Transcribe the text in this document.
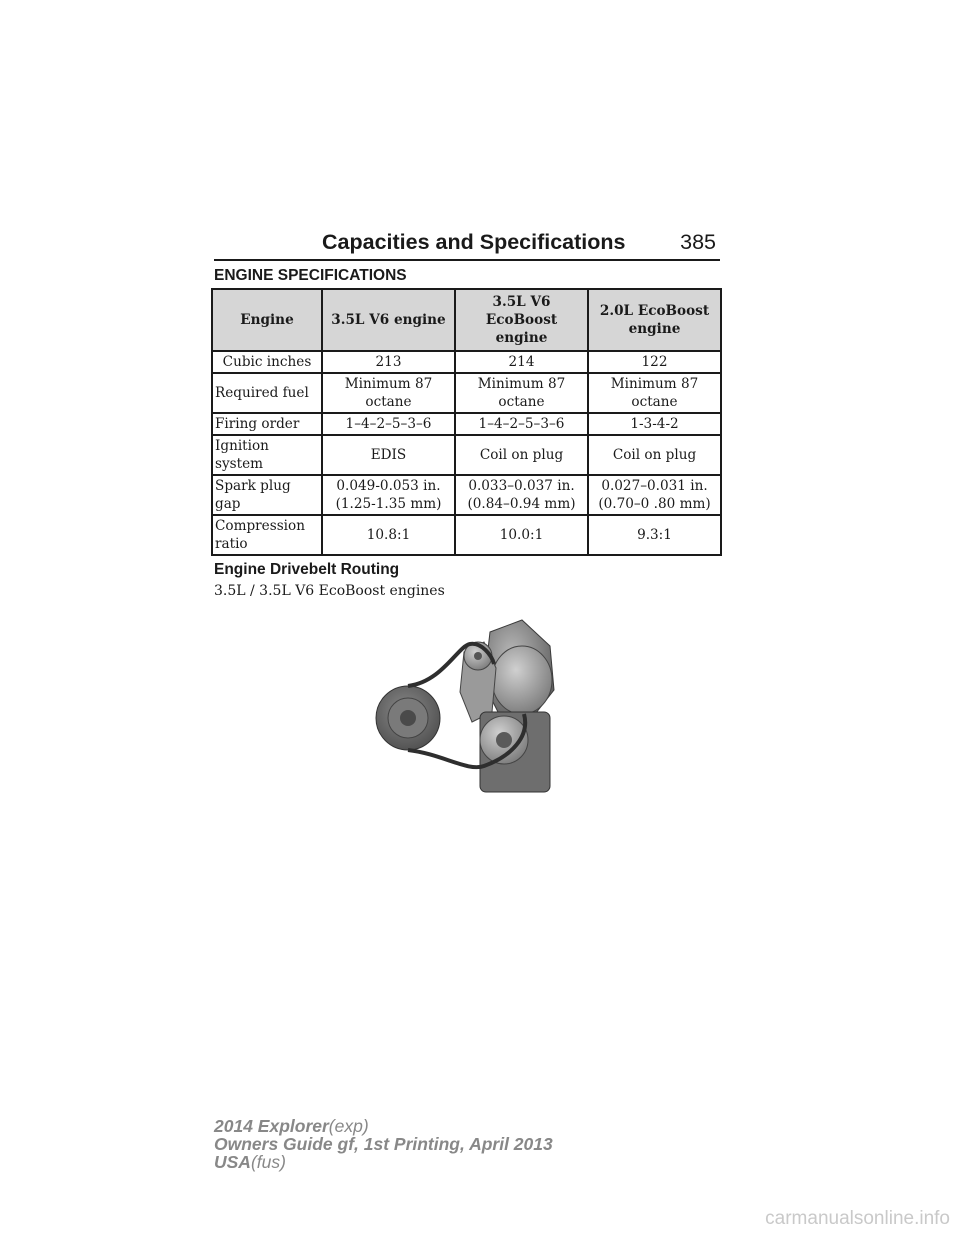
Capacities and Specifications	385
ENGINE SPECIFICATIONS
Engine	3.5L V6 engine	3.5L V6 EcoBoost engine	2.0L EcoBoost engine
Cubic inches	213	214	122
Required fuel	Minimum 87 octane	Minimum 87 octane	Minimum 87 octane
Firing order	1–4–2–5–3–6	1–4–2–5–3–6	1-3-4-2
Ignition system	EDIS	Coil on plug	Coil on plug
Spark plug gap	0.049-0.053 in. (1.25-1.35 mm)	0.033–0.037 in. (0.84–0.94 mm)	0.027–0.031 in. (0.70–0 .80 mm)
Compression ratio	10.8:1	10.0:1	9.3:1
Engine Drivebelt Routing
3.5L / 3.5L V6 EcoBoost engines
2014 Explorer(exp)
Owners Guide gf, 1st Printing, April 2013
USA(fus)
carmanualsonline.info
